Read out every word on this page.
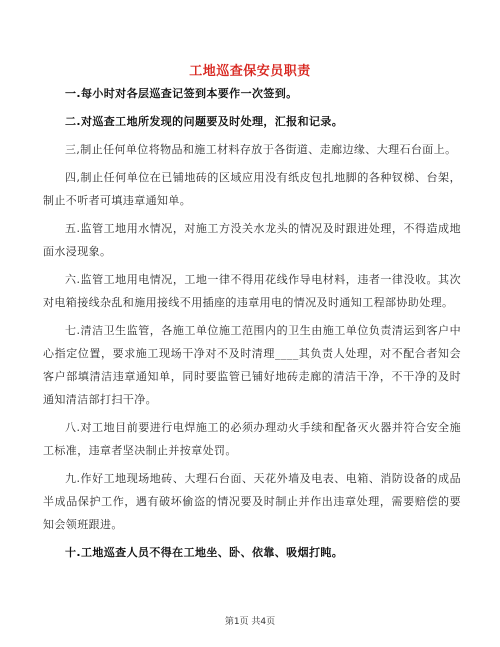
工地巡查保安员职责

一.每小时对各层巡查记签到本要作一次签到。

二.对巡查工地所发现的问题要及时处理，汇报和记录。

三,制止任何单位将物品和施工材料存放于各街道、走廊边缘、大理石台面上。

四,制止任何单位在已铺地砖的区域应用没有纸皮包扎地脚的各种钗梯、台架，制止不听者可填违章通知单。

五.监管工地用水情况，对施工方没关水龙头的情况及时跟进处理，不得造成地面水浸现象。

六.监管工地用电情况，工地一律不得用花线作导电材料，违者一律没收。其次对电箱接线杂乱和施用接线不用插座的违章用电的情况及时通知工程部协助处理。

七.清洁卫生监管，各施工单位施工范围内的卫生由施工单位负责清运到客户中心指定位置，要求施工现场干净对不及时清理____其负责人处理，对不配合者知会客户部填清洁违章通知单，同时要监管已铺好地砖走廊的清洁干净，不干净的及时通知清洁部打扫干净。

八.对工地目前要进行电焊施工的必须办理动火手续和配备灭火器并符合安全施工标准，违章者坚决制止并按章处罚。

九.作好工地现场地砖、大理石台面、天花外墙及电表、电箱、消防设备的成品半成品保护工作，遇有破坏偷盗的情况要及时制止并作出违章处理，需要赔偿的要知会领班跟进。

十.工地巡查人员不得在工地坐、卧、依靠、吸烟打盹。

第1页 共4页
